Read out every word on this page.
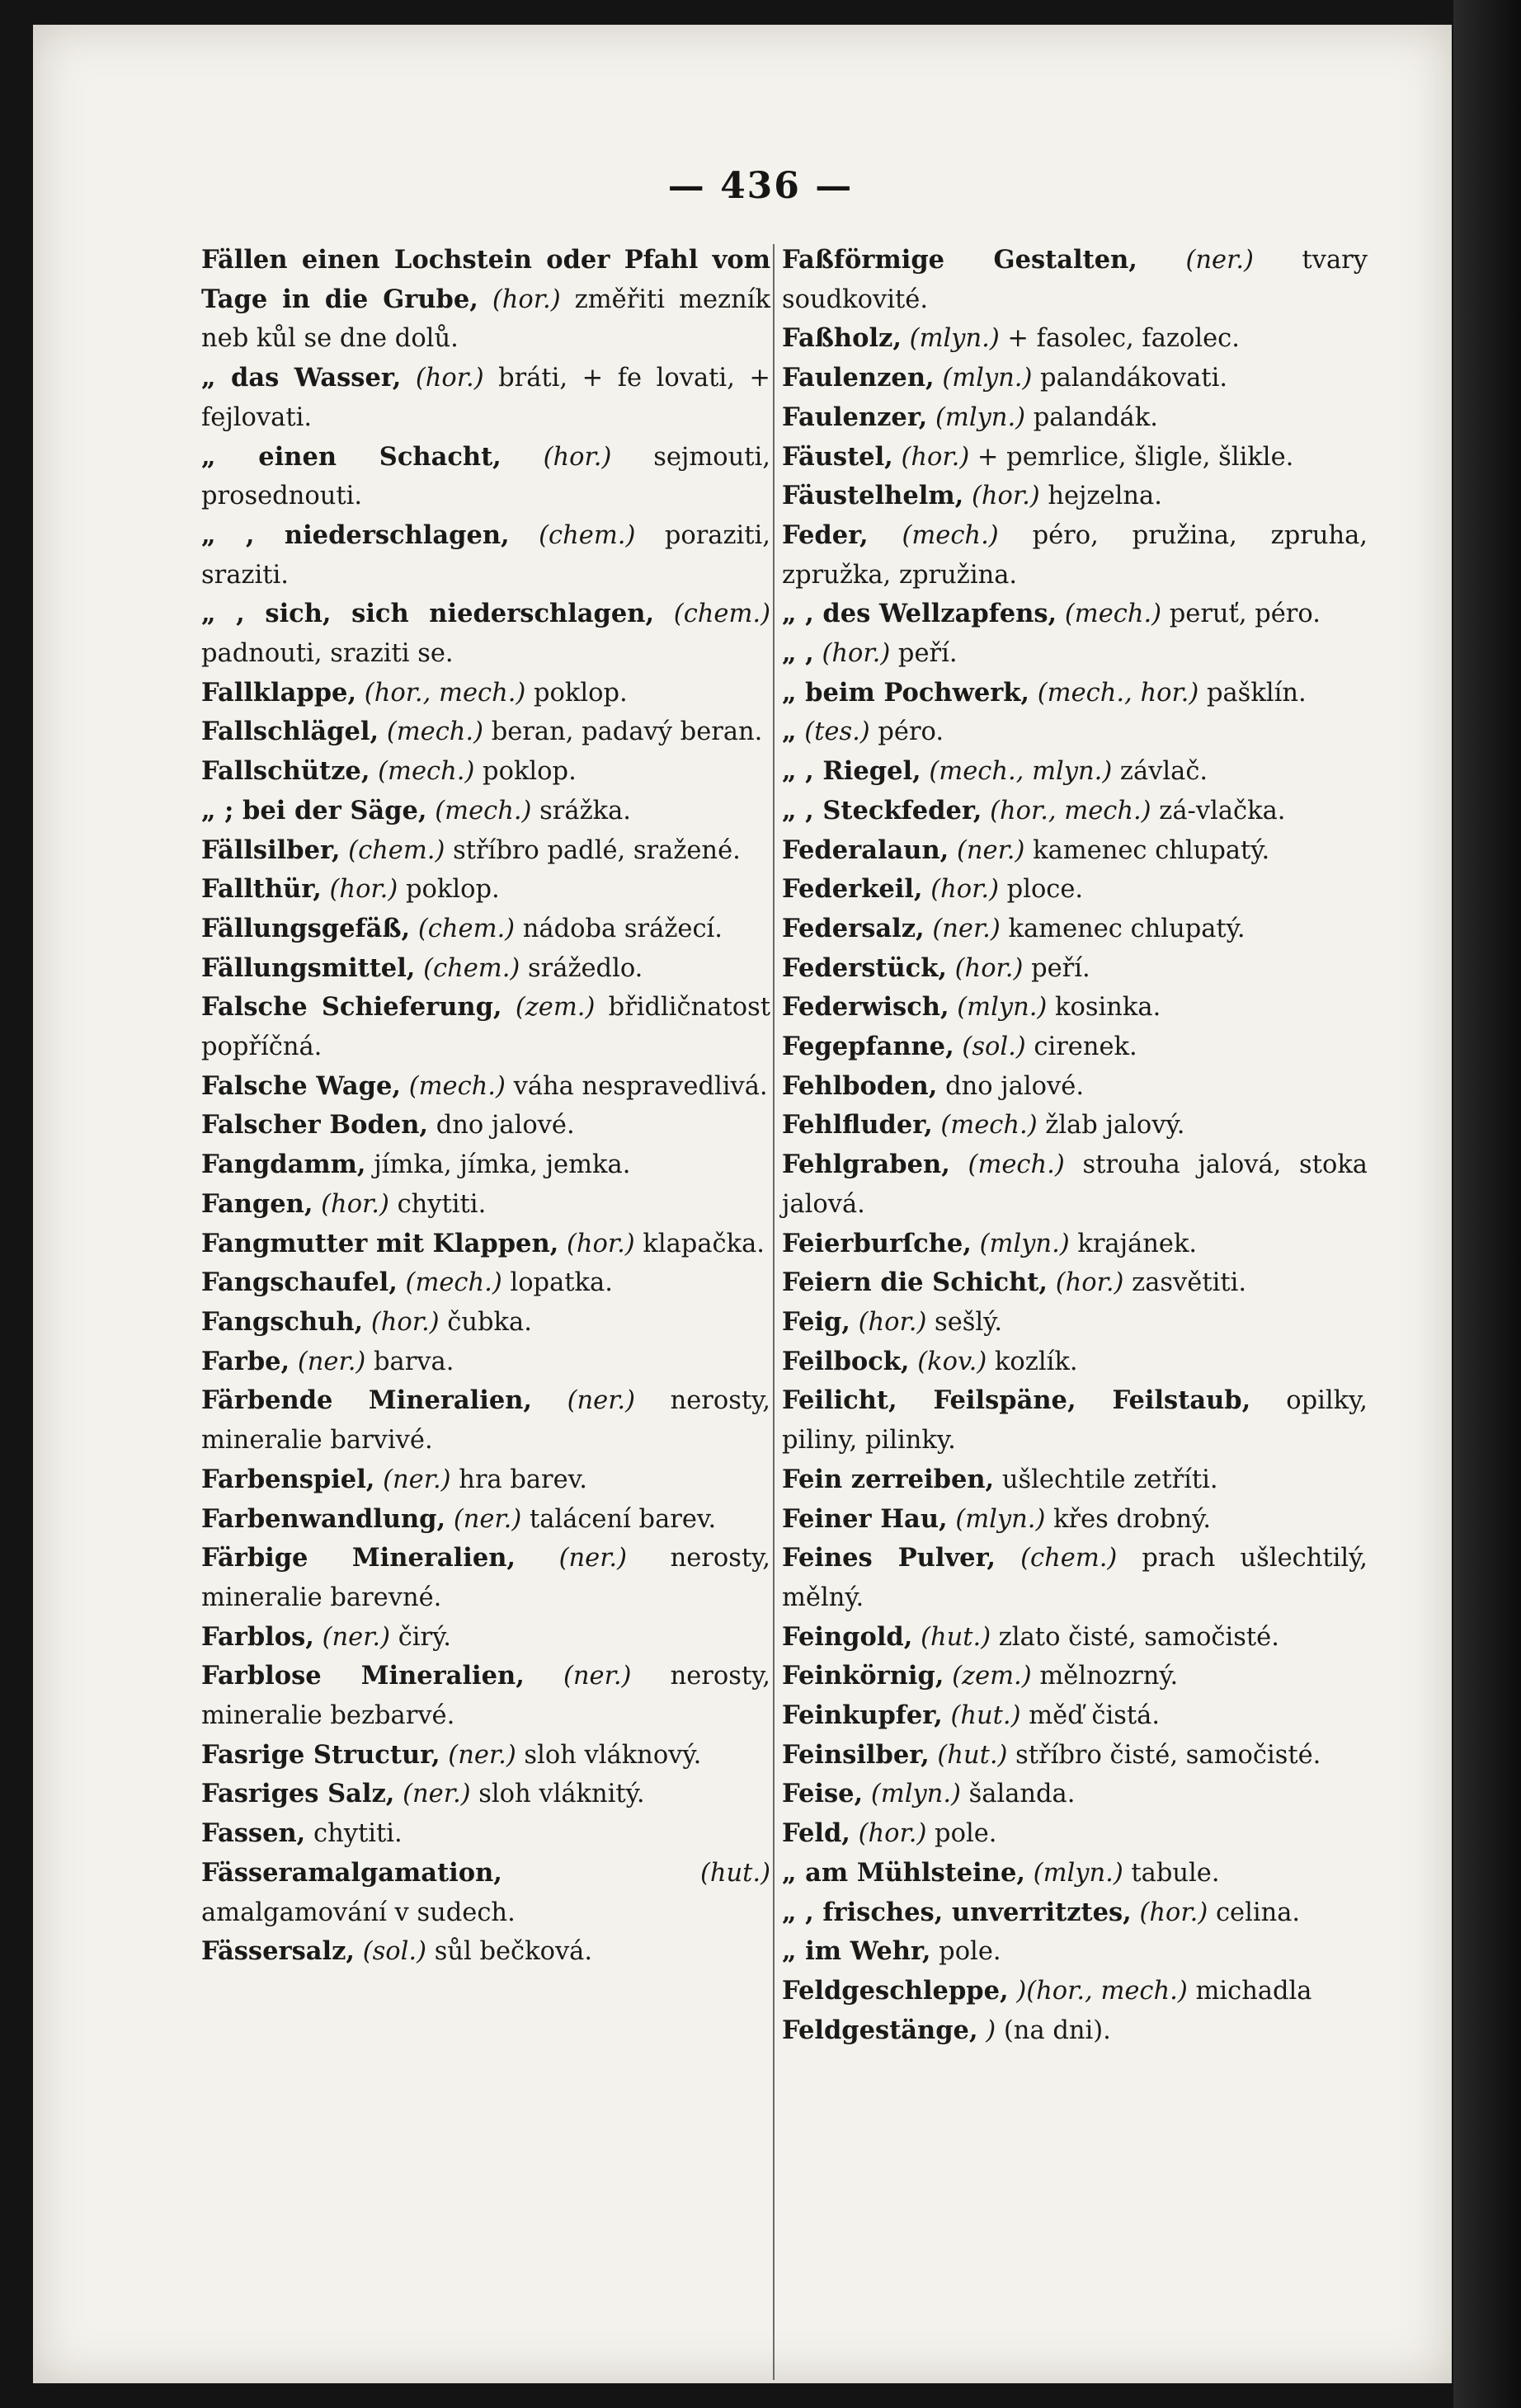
— 436 —
Fällen einen Lochstein oder Pfahl vom Tage in die Grube, (hor.) změřiti mezník neb kůl se dne dolů.
„ das Wasser, (hor.) bráti, + fe lovati, + fejlovati.
„ einen Schacht, (hor.) sejmouti, prosednouti.
„ , niederschlagen, (chem.) poraziti, sraziti.
„ , sich, sich niederschlagen, (chem.) padnouti, sraziti se.
Fallklappe, (hor., mech.) poklop.
Fallschlägel, (mech.) beran, padavý beran.
Fallschütze, (mech.) poklop.
„ ; bei der Säge, (mech.) srážka.
Fällsilber, (chem.) stříbro padlé, sražené.
Fallthür, (hor.) poklop.
Fällungsgefäß, (chem.) nádoba srážecí.
Fällungsmittel, (chem.) srážedlo.
Falsche Schieferung, (zem.) břidličnatost popříčná.
Falsche Wage, (mech.) váha nespravedlivá.
Falscher Boden, dno jalové.
Fangdamm, jímka, jímka, jemka.
Fangen, (hor.) chytiti.
Fangmutter mit Klappen, (hor.) klapačka.
Fangschaufel, (mech.) lopatka.
Fangschuh, (hor.) čubka.
Farbe, (ner.) barva.
Färbende Mineralien, (ner.) nerosty, mineralie barvivé.
Farbenspiel, (ner.) hra barev.
Farbenwandlung, (ner.) talácení barev.
Färbige Mineralien, (ner.) nerosty, mineralie barevné.
Farblos, (ner.) čirý.
Farblose Mineralien, (ner.) nerosty, mineralie bezbarvé.
Fasrige Structur, (ner.) sloh vláknový.
Fasriges Salz, (ner.) sloh vláknitý.
Fassen, chytiti.
Fässeramalgamation,	(hut.) amalgamování v sudech.
Fässersalz, (sol.) sůl bečková.
Faßförmige Gestalten, (ner.) tvary soudkovité.
Faßholz, (mlyn.) + fasolec, fazolec.
Faulenzen, (mlyn.) palandákovati.
Faulenzer, (mlyn.) palandák.
Fäustel, (hor.) + pemrlice, šligle, šlikle.
Fäustelhelm, (hor.) hejzelna.
Feder, (mech.) péro, pružina, zpruha, zpružka, zpružina.
„ , des Wellzapfens, (mech.) peruť, péro.
„ , (hor.) peří.
„ beim Pochwerk, (mech., hor.) pašklín.
„ (tes.) péro.
„ , Riegel, (mech., mlyn.) závlač.
„ , Steckfeder, (hor., mech.) zá-vlačka.
Federalaun, (ner.) kamenec chlupatý.
Federkeil, (hor.) ploce.
Federsalz, (ner.) kamenec chlupatý.
Federstück, (hor.) peří.
Federwisch, (mlyn.) kosinka.
Fegepfanne, (sol.) cirenek.
Fehlboden, dno jalové.
Fehlfluder, (mech.) žlab jalový.
Fehlgraben, (mech.) strouha jalová, stoka jalová.
Feierburſche, (mlyn.) krajánek.
Feiern die Schicht, (hor.) zasvětiti.
Feig, (hor.) sešlý.
Feilbock, (kov.) kozlík.
Feilicht, Feilspäne, Feilstaub, opilky, piliny, pilinky.
Fein zerreiben, ušlechtile zetříti.
Feiner Hau, (mlyn.) křes drobný.
Feines Pulver, (chem.) prach ušlechtilý, mělný.
Feingold, (hut.) zlato čisté, samočisté.
Feinkörnig, (zem.) mělnozrný.
Feinkupfer, (hut.) měď čistá.
Feinsilber, (hut.) stříbro čisté, samočisté.
Feise, (mlyn.) šalanda.
Feld, (hor.) pole.
„ am Mühlsteine, (mlyn.) tabule.
„ , frisches, unverritztes, (hor.) celina.
„ im Wehr, pole.
Feldgeschleppe, )(hor., mech.) michadla
Feldgestänge, ) (na dni).
